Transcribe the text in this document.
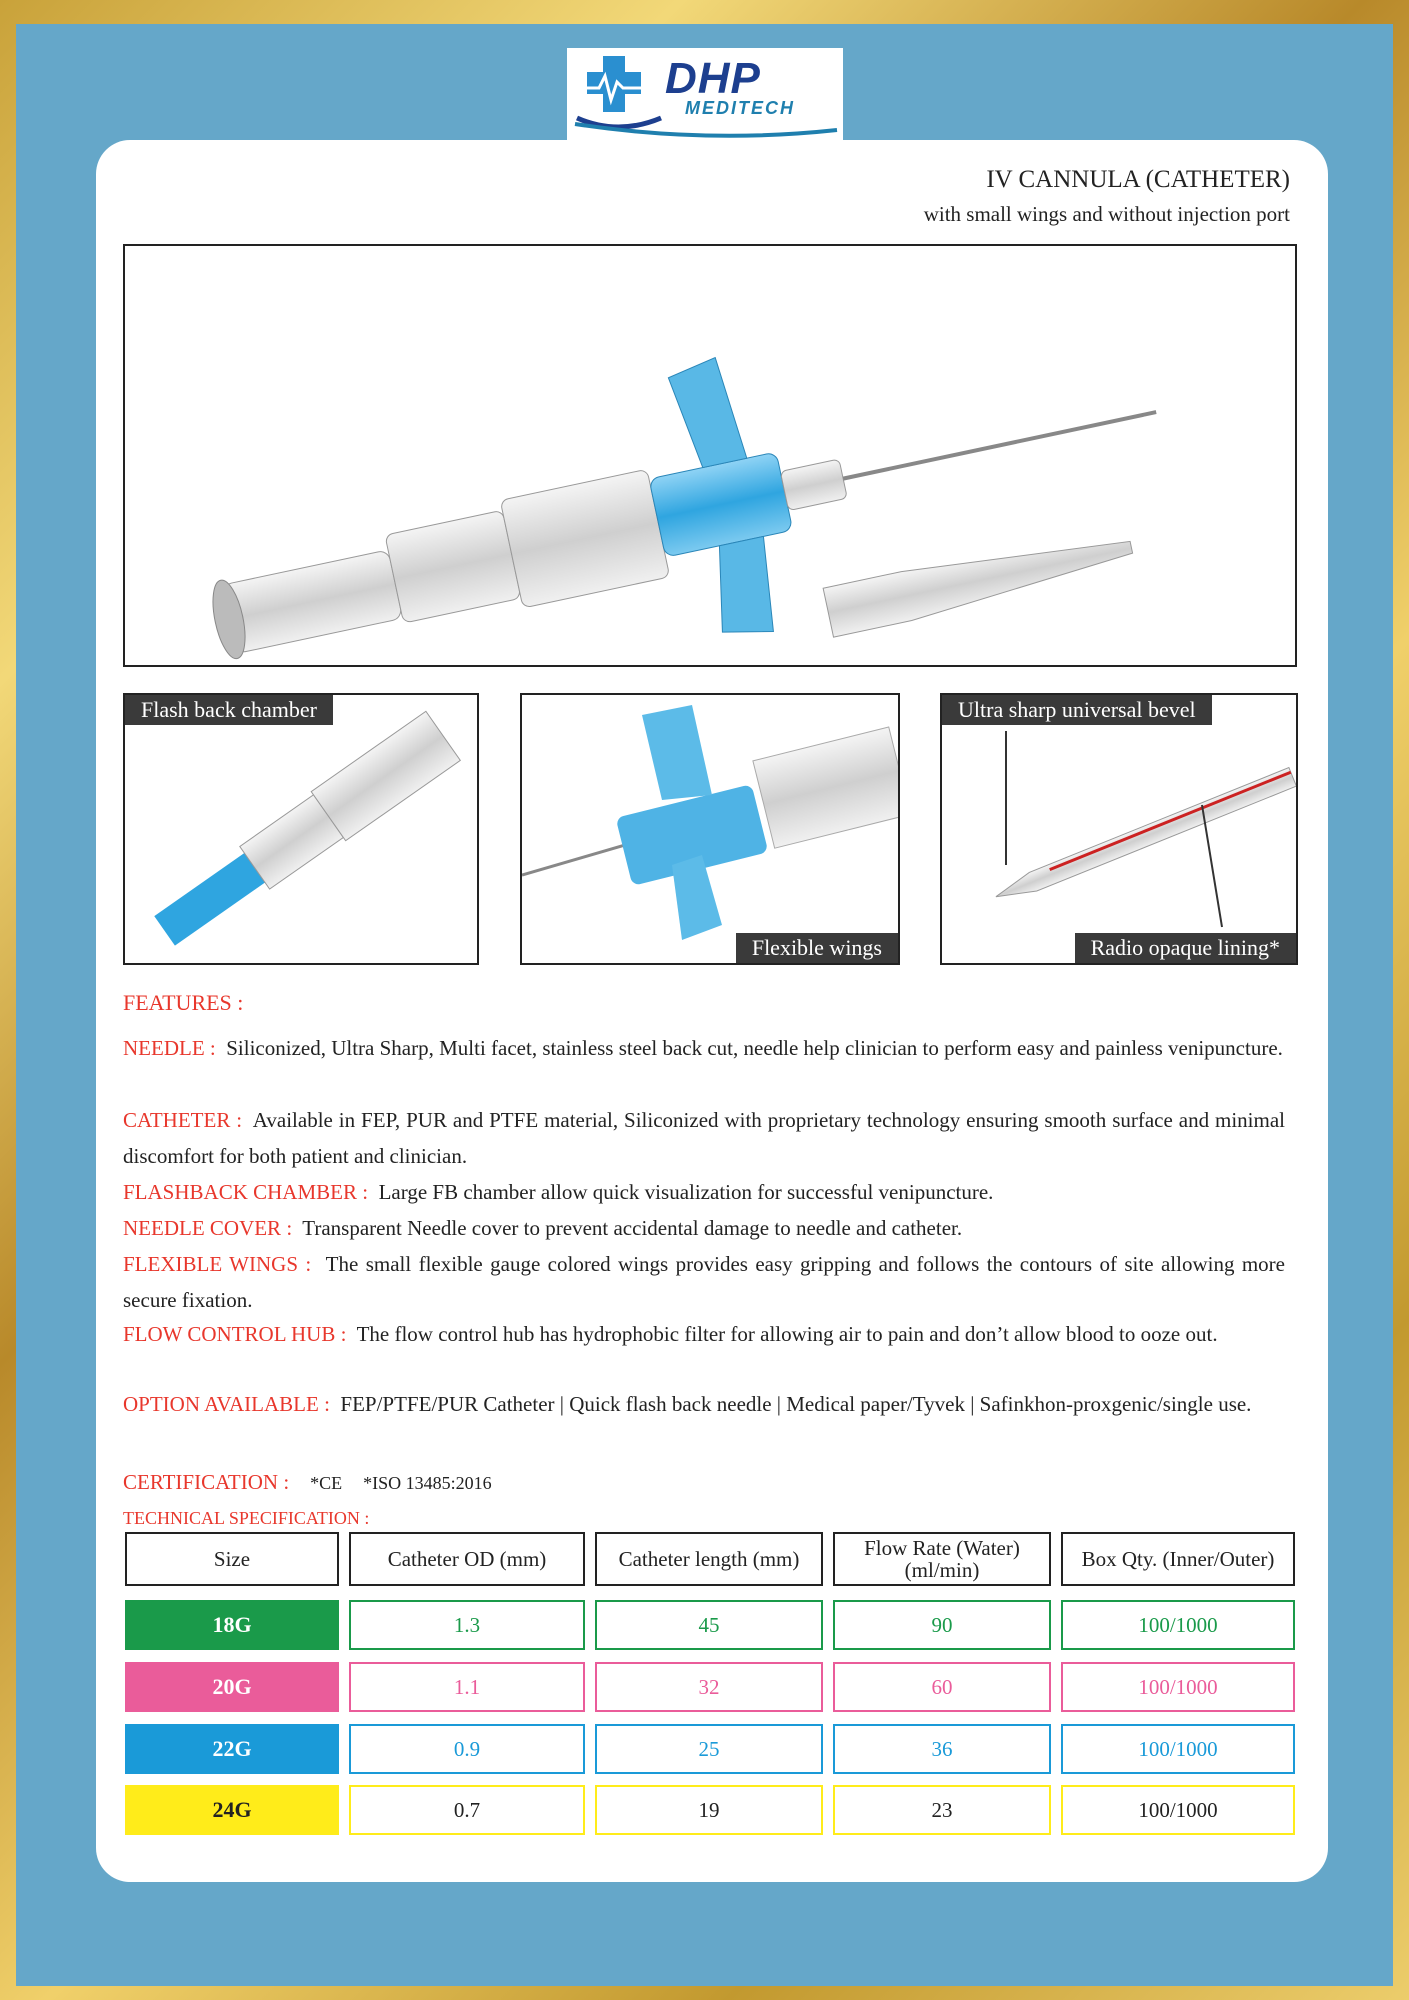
DHP
MEDITECH
IV CANNULA (CATHETER)
with small wings and without injection port
Flash back chamber
Flexible wings
Ultra sharp universal bevel
Radio opaque lining*
FEATURES :
NEEDLE : Siliconized, Ultra Sharp, Multi facet, stainless steel back cut, needle help clinician to perform easy and painless venipuncture.
CATHETER : Available in FEP, PUR and PTFE material, Siliconized with proprietary technology ensuring smooth surface and minimal discomfort for both patient and clinician.
FLASHBACK CHAMBER : Large FB chamber allow quick visualization for successful venipuncture.
NEEDLE COVER : Transparent Needle cover to prevent accidental damage to needle and catheter.
FLEXIBLE WINGS : The small flexible gauge colored wings provides easy gripping and follows the contours of site allowing more secure fixation.
FLOW CONTROL HUB : The flow control hub has hydrophobic filter for allowing air to pain and don’t allow blood to ooze out.
OPTION AVAILABLE : FEP/PTFE/PUR Catheter | Quick flash back needle | Medical paper/Tyvek | Safinkhon-proxgenic/single use.
CERTIFICATION : *CE *ISO 13485:2016
TECHNICAL SPECIFICATION :
Size	Catheter OD (mm)	Catheter length (mm)	Flow Rate (Water) (ml/min)	Box Qty. (Inner/Outer)
18G	1.3	45	90	100/1000
20G	1.1	32	60	100/1000
22G	0.9	25	36	100/1000
24G	0.7	19	23	100/1000
